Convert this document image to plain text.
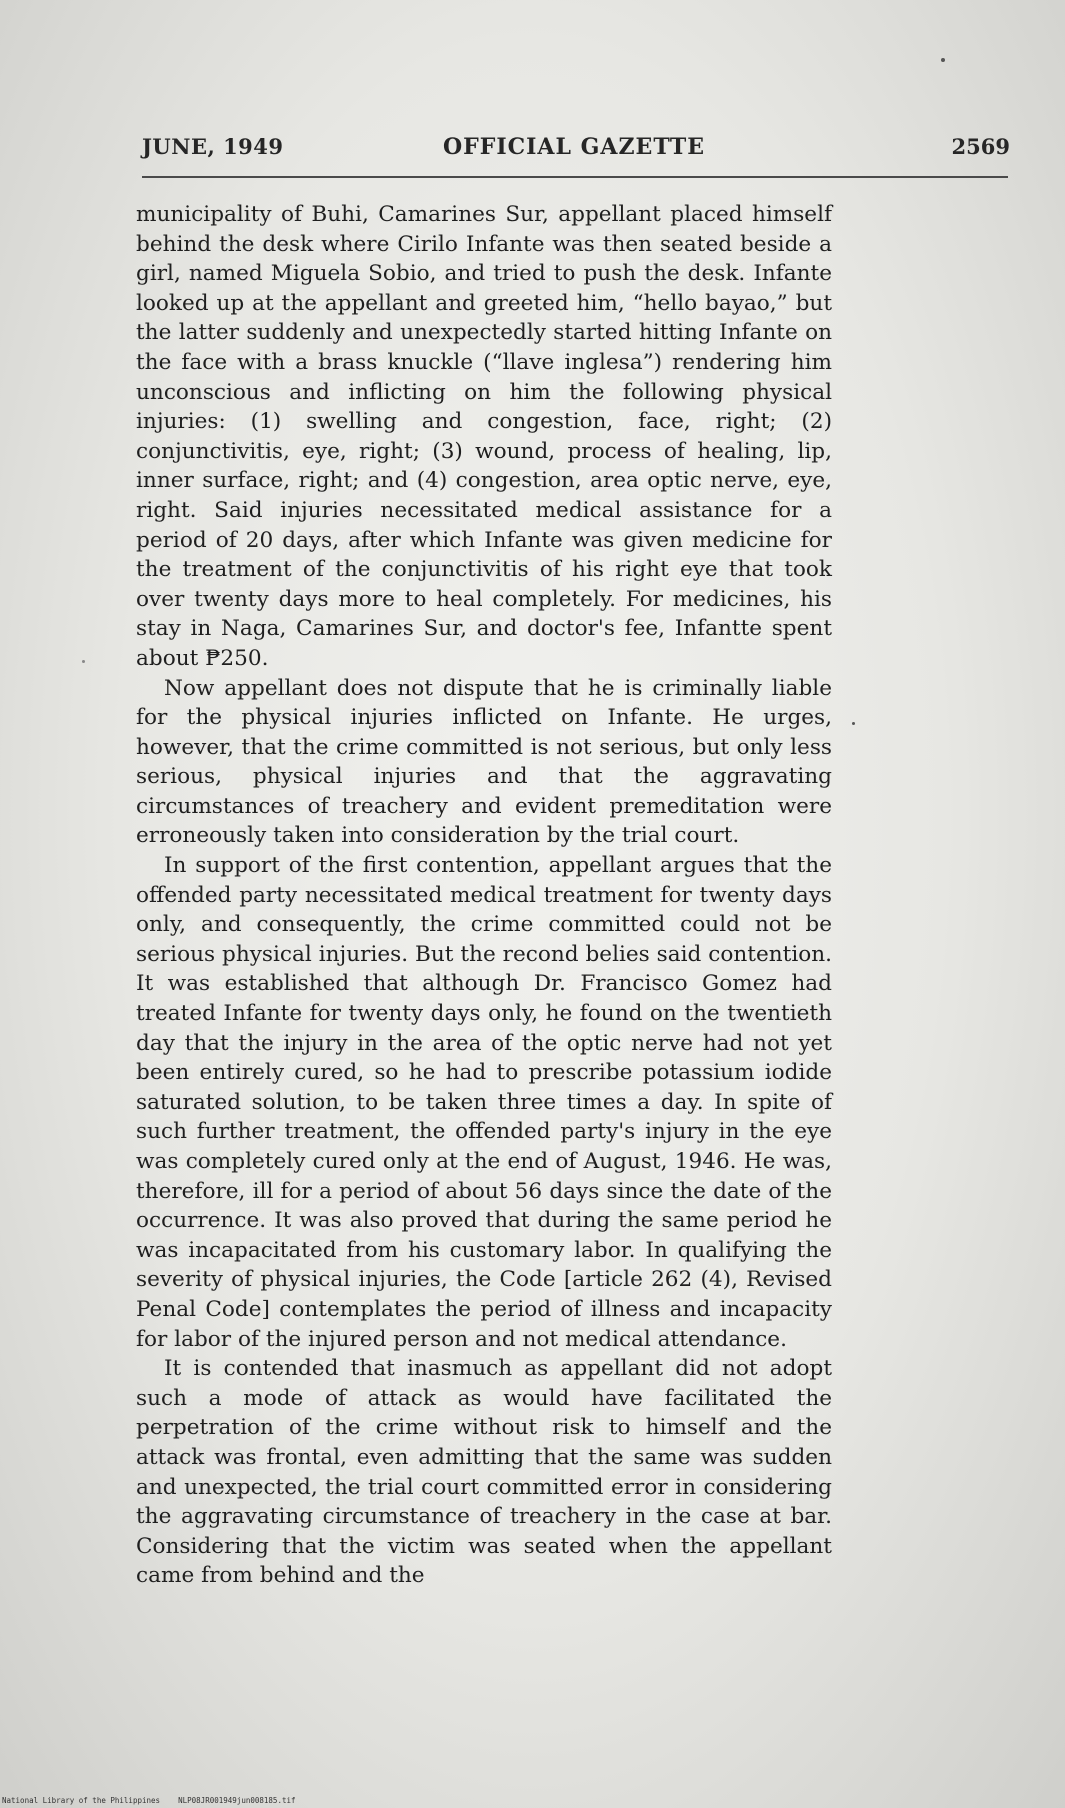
JUNE, 1949	OFFICIAL GAZETTE	2569

municipality of Buhi, Camarines Sur, appellant placed himself behind the desk where Cirilo Infante was then seated beside a girl, named Miguela Sobio, and tried to push the desk. Infante looked up at the appellant and greeted him, “hello bayao,” but the latter suddenly and unexpectedly started hitting Infante on the face with a brass knuckle (“llave inglesa”) rendering him unconscious and inflicting on him the following physical injuries: (1) swelling and congestion, face, right; (2) conjunctivitis, eye, right; (3) wound, process of healing, lip, inner surface, right; and (4) congestion, area optic nerve, eye, right. Said injuries necessitated medical assistance for a period of 20 days, after which Infante was given medicine for the treatment of the conjunctivitis of his right eye that took over twenty days more to heal completely. For medicines, his stay in Naga, Camarines Sur, and doctor's fee, Infantte spent about ₱250.

Now appellant does not dispute that he is criminally liable for the physical injuries inflicted on Infante. He urges, however, that the crime committed is not serious, but only less serious, physical injuries and that the aggravating circumstances of treachery and evident premeditation were erroneously taken into consideration by the trial court.

In support of the first contention, appellant argues that the offended party necessitated medical treatment for twenty days only, and consequently, the crime committed could not be serious physical injuries. But the recond belies said contention. It was established that although Dr. Francisco Gomez had treated Infante for twenty days only, he found on the twentieth day that the injury in the area of the optic nerve had not yet been entirely cured, so he had to prescribe potassium iodide saturated solution, to be taken three times a day. In spite of such further treatment, the offended party's injury in the eye was completely cured only at the end of August, 1946. He was, therefore, ill for a period of about 56 days since the date of the occurrence. It was also proved that during the same period he was incapacitated from his customary labor. In qualifying the severity of physical injuries, the Code [article 262 (4), Revised Penal Code] contemplates the period of illness and incapacity for labor of the injured person and not medical attendance.

It is contended that inasmuch as appellant did not adopt such a mode of attack as would have facilitated the perpetration of the crime without risk to himself and the attack was frontal, even admitting that the same was sudden and unexpected, the trial court committed error in considering the aggravating circumstance of treachery in the case at bar. Considering that the victim was seated when the appellant came from behind and the

National Library of the Philippines NLP08JR001949jun008185.tif
